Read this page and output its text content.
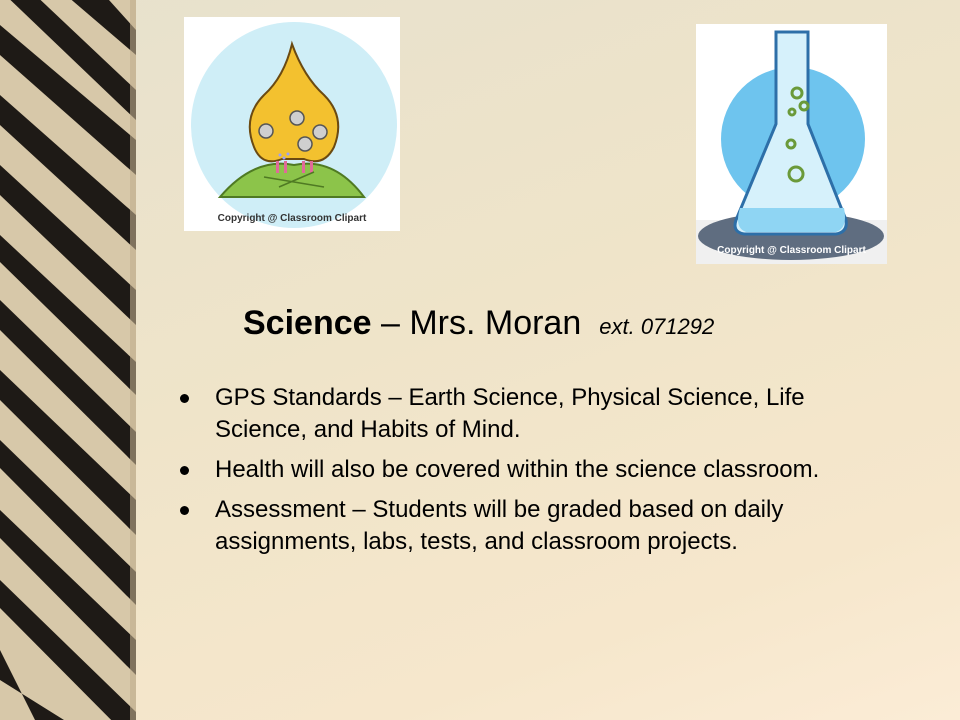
Copyright @ Classroom Clipart
Copyright @ Classroom Clipart
Science – Mrs. Moran ext. 071292
GPS Standards – Earth Science, Physical Science, Life Science, and Habits of Mind.
Health will also be covered within the science classroom.
Assessment – Students will be graded based on daily assignments, labs, tests, and classroom projects.
